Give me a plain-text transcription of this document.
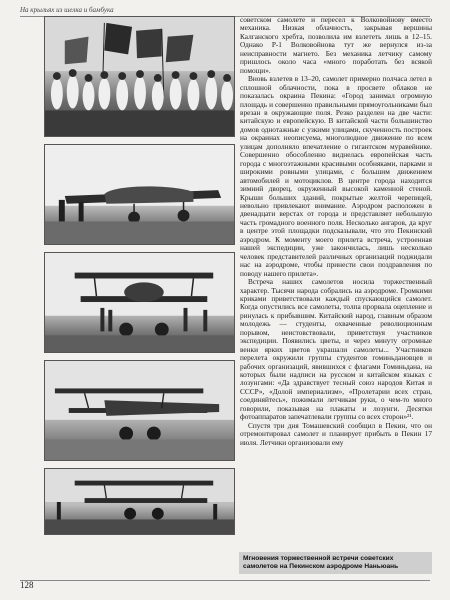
На крыльях из шелка и бамбука

советском самолете и пересел к Волковойнову вместо механика. Низкая облачность, закрывая вершины Калганского хребта, позволила им взлететь лишь в 12–15. Однако Р-1 Волковойнова тут же вернулся из-за неисправности магнето. Без механика летчику самому пришлось около часа «много поработать без всякой помощи».

Вновь взлетев в 13–20, самолет примерно полчаса летел в сплошной облачности, пока в просвете облаков не показалась окраина Пекина: «Город занимал огромную площадь и совершенно правильными прямоугольниками был врезан в окружающие поля. Резко разделен на две части: китайскую и европейскую. В китайской части большинство домов однотажные с узкими улицами, скученность построек на окраинах неописуема, многолюдное движение по всем улицам дополняло впечатление о гигантском муравейнике. Совершенно обособленно виднелась европейская часть города с многоэтажными красивыми особняками, парками и широкими ровными улицами, с большим движением автомобилей и мотоциклов. В центре города находится зимний дворец, окруженный высокой каменной стеной. Крыши больших зданий, покрытые желтой черепицей, невольно привлекают внимание. Аэродром расположен в двенадцати верстах от города и представляет небольшую часть громадного военного поля. Несколько ангаров, да круг в центре этой площадки подсказывали, что это Пекинский аэродром. К моменту моего прилета встреча, устроенная нашей экспедиции, уже закончилась, лишь несколько человек представителей различных организаций поджидали нас на аэродроме, чтобы принести свои поздравления по поводу нашего прилета».

Встреча наших самолетов носила торжественный характер. Тысячи народа собрались на аэродроме. Громкими криками приветствовали каждый спускающийся самолет. Когда опустились все самолеты, толпа прорвала оцепление и ринулась к прибывшим. Китайский народ, главным образом молодежь — студенты, охваченные революционным порывом, неистовствовали, приветствуя участников экспедиции. Появились цветы, и через минуту огромные венки ярких цветов украшали самолеты... Участников перелета окружили группы студентов гоминьдановцев и рабочих организаций, явившихся с флагами Гоминьдана, на которых были надписи на русском и китайском языках с лозунгами: «Да здравствует тесный союз народов Китая и СССР», «Долой империализм», «Пролетарии всех стран, соединяйтесь», пожимали летчикам руки, о чем-то много говорили, показывая на плакаты и лозунги. Десятки фотоаппаратов запечатлевали группы со всех сторон»²¹.

Спустя три дня Томашевский сообщил в Пекин, что он отремонтировал самолет и планирует прибыть в Пекин 17 июля. Летчики организовали ему

Мгновения торжественной встречи советских самолетов на Пекинском аэродроме Наньюань
128
